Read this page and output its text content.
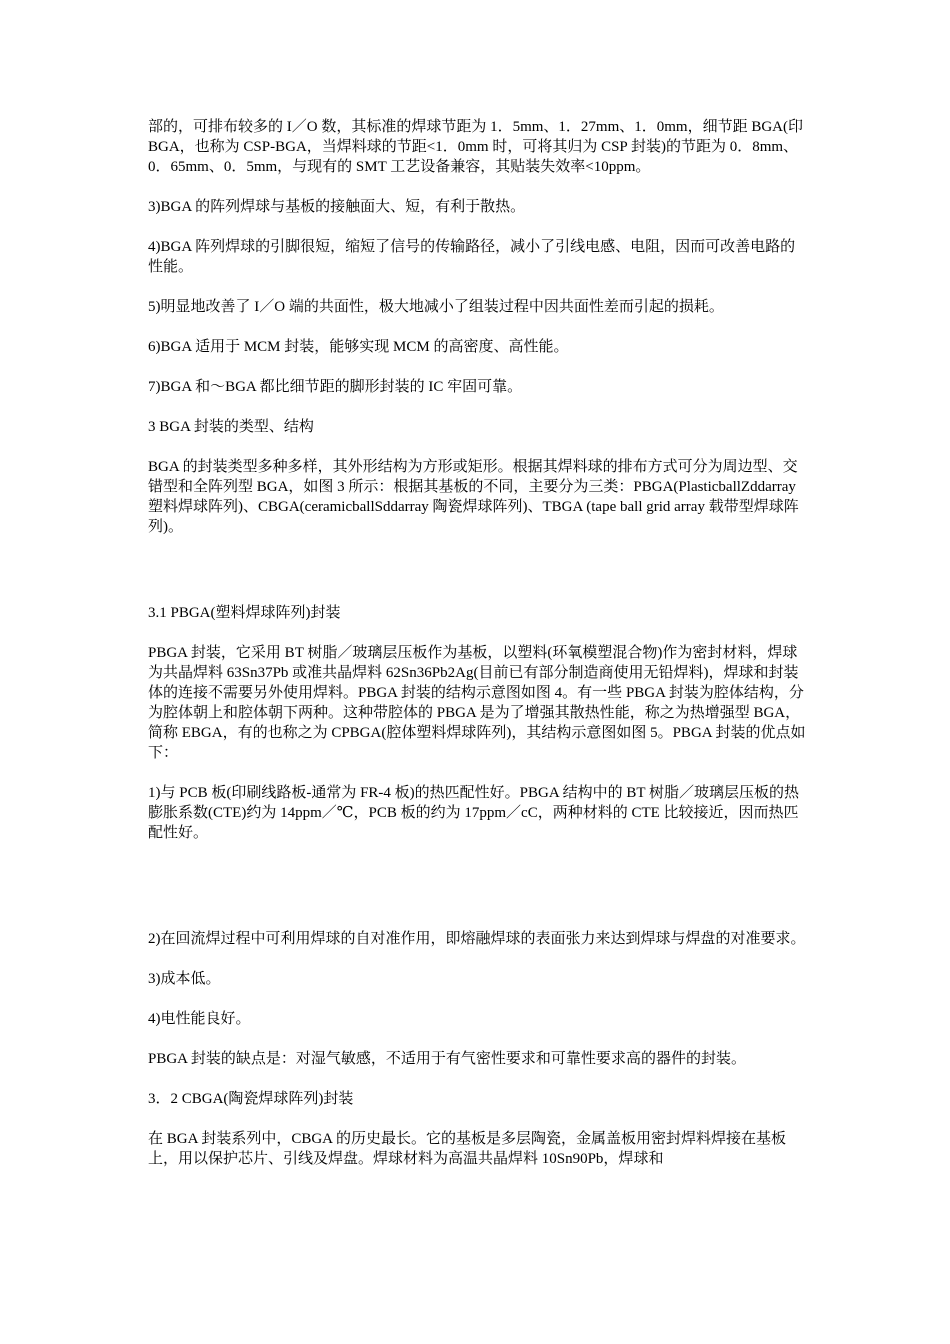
部的，可排布较多的 I／O 数，其标准的焊球节距为 1．5mm、1．27mm、1．0mm，细节距 BGA(印 BGA，也称为 CSP-BGA，当焊料球的节距<1．0mm 时，可将其归为 CSP 封装)的节距为 0．8mm、0．65mm、0．5mm，与现有的 SMT 工艺设备兼容，其贴装失效率<10ppm。

3)BGA 的阵列焊球与基板的接触面大、短，有利于散热。

4)BGA 阵列焊球的引脚很短，缩短了信号的传输路径，减小了引线电感、电阻，因而可改善电路的性能。

5)明显地改善了 I／O 端的共面性，极大地减小了组装过程中因共面性差而引起的损耗。

6)BGA 适用于 MCM 封装，能够实现 MCM 的高密度、高性能。

7)BGA 和～BGA 都比细节距的脚形封装的 IC 牢固可靠。

3 BGA 封装的类型、结构

BGA 的封装类型多种多样，其外形结构为方形或矩形。根据其焊料球的排布方式可分为周边型、交错型和全阵列型 BGA，如图 3 所示：根据其基板的不同，主要分为三类：PBGA(PlasticballZddarray 塑料焊球阵列)、CBGA(ceramicballSddarray 陶瓷焊球阵列)、TBGA (tape ball grid array 载带型焊球阵列)。

3.1 PBGA(塑料焊球阵列)封装

PBGA 封装，它采用 BT 树脂／玻璃层压板作为基板，以塑料(环氧模塑混合物)作为密封材料，焊球为共晶焊料 63Sn37Pb 或准共晶焊料 62Sn36Pb2Ag(目前已有部分制造商使用无铅焊料)，焊球和封装体的连接不需要另外使用焊料。PBGA 封装的结构示意图如图 4。有一些 PBGA 封装为腔体结构，分为腔体朝上和腔体朝下两种。这种带腔体的 PBGA 是为了增强其散热性能，称之为热增强型 BGA，简称 EBGA，有的也称之为 CPBGA(腔体塑料焊球阵列)，其结构示意图如图 5。PBGA 封装的优点如下：

1)与 PCB 板(印刷线路板-通常为 FR-4 板)的热匹配性好。PBGA 结构中的 BT 树脂／玻璃层压板的热膨胀系数(CTE)约为 14ppm／℃，PCB 板的约为 17ppm／cC，两种材料的 CTE 比较接近，因而热匹配性好。

2)在回流焊过程中可利用焊球的自对准作用，即熔融焊球的表面张力来达到焊球与焊盘的对准要求。

3)成本低。

4)电性能良好。

PBGA 封装的缺点是：对湿气敏感，不适用于有气密性要求和可靠性要求高的器件的封装。

3．2 CBGA(陶瓷焊球阵列)封装

在 BGA 封装系列中，CBGA 的历史最长。它的基板是多层陶瓷，金属盖板用密封焊料焊接在基板上，用以保护芯片、引线及焊盘。焊球材料为高温共晶焊料 10Sn90Pb，焊球和
